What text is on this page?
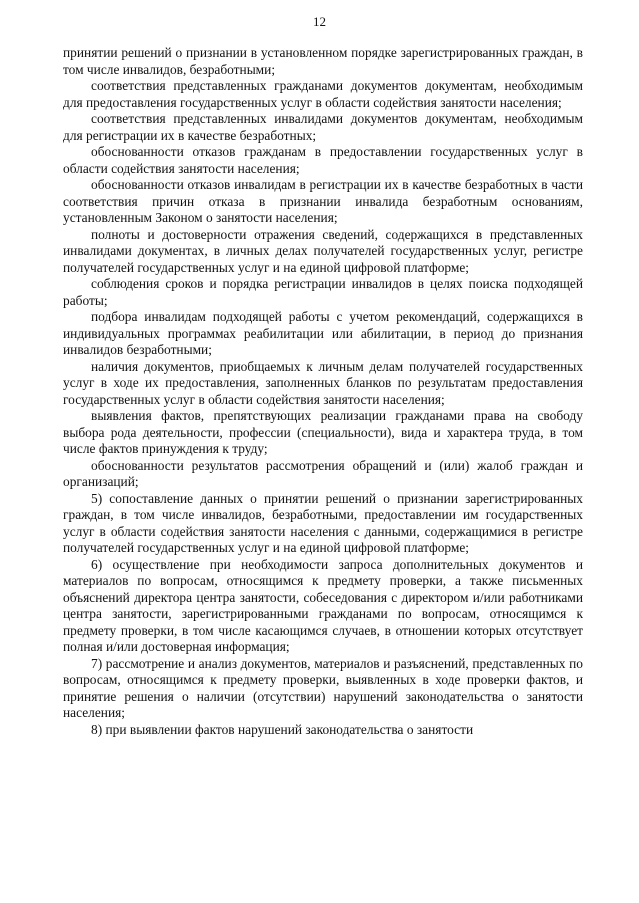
12

принятии решений о признании в установленном порядке зарегистрированных граждан, в том числе инвалидов, безработными;

соответствия представленных гражданами документов документам, необходимым для предоставления государственных услуг в области содействия занятости населения;

соответствия представленных инвалидами документов документам, необходимым для регистрации их в качестве безработных;

обоснованности отказов гражданам в предоставлении государственных услуг в области содействия занятости населения;

обоснованности отказов инвалидам в регистрации их в качестве безработных в части соответствия причин отказа в признании инвалида безработным основаниям, установленным Законом о занятости населения;

полноты и достоверности отражения сведений, содержащихся в представленных инвалидами документах, в личных делах получателей государственных услуг, регистре получателей государственных услуг и на единой цифровой платформе;

соблюдения сроков и порядка регистрации инвалидов в целях поиска подходящей работы;

подбора инвалидам подходящей работы с учетом рекомендаций, содержащихся в индивидуальных программах реабилитации или абилитации, в период до признания инвалидов безработными;

наличия документов, приобщаемых к личным делам получателей государственных услуг в ходе их предоставления, заполненных бланков по результатам предоставления государственных услуг в области содействия занятости населения;

выявления фактов, препятствующих реализации гражданами права на свободу выбора рода деятельности, профессии (специальности), вида и характера труда, в том числе фактов принуждения к труду;

обоснованности результатов рассмотрения обращений и (или) жалоб граждан и организаций;

5) сопоставление данных о принятии решений о признании зарегистрированных граждан, в том числе инвалидов, безработными, предоставлении им государственных услуг в области содействия занятости населения с данными, содержащимися в регистре получателей государственных услуг и на единой цифровой платформе;

6) осуществление при необходимости запроса дополнительных документов и материалов по вопросам, относящимся к предмету проверки, а также письменных объяснений директора центра занятости, собеседования с директором и/или работниками центра занятости, зарегистрированными гражданами по вопросам, относящимся к предмету проверки, в том числе касающимся случаев, в отношении которых отсутствует полная и/или достоверная информация;

7) рассмотрение и анализ документов, материалов и разъяснений, представленных по вопросам, относящимся к предмету проверки, выявленных в ходе проверки фактов, и принятие решения о наличии (отсутствии) нарушений законодательства о занятости населения;

8) при выявлении фактов нарушений законодательства о занятости
